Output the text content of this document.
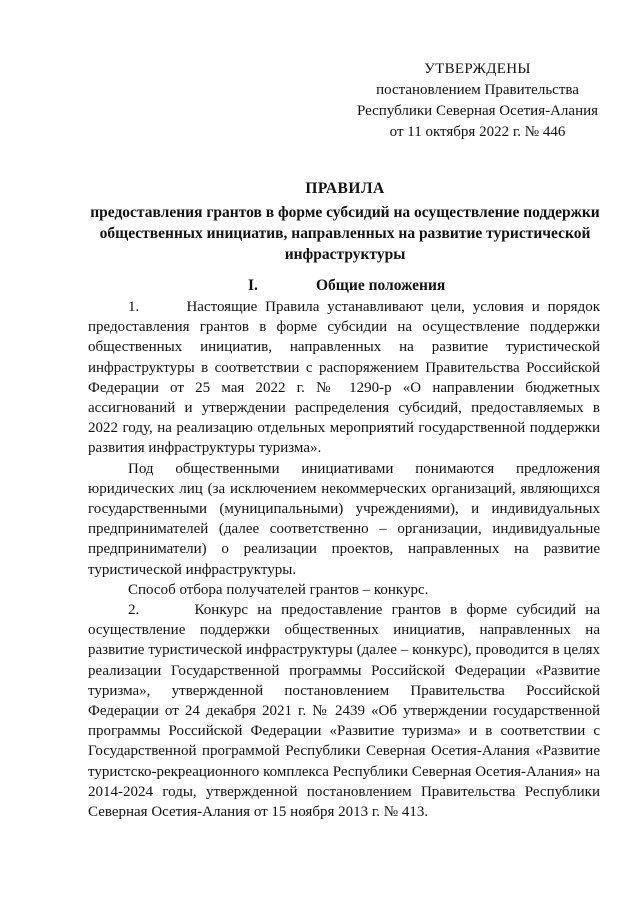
УТВЕРЖДЕНЫ
постановлением Правительства
Республики Северная Осетия-Алания
от 11 октября 2022 г. № 446
ПРАВИЛА
предоставления грантов в форме субсидий на осуществление поддержки общественных инициатив, направленных на развитие туристической инфраструктуры
I.	Общие положения

1.      Настоящие Правила устанавливают цели, условия и порядок предоставления грантов в форме субсидии на осуществление поддержки общественных инициатив, направленных на развитие туристической инфраструктуры в соответствии с распоряжением Правительства Российской Федерации от 25 мая 2022 г. № 1290-р «О направлении бюджетных ассигнований и утверждении распределения субсидий, предоставляемых в 2022 году, на реализацию отдельных мероприятий государственной поддержки развития инфраструктуры туризма».

Под общественными инициативами понимаются предложения юридических лиц (за исключением некоммерческих организаций, являющихся государственными (муниципальными) учреждениями), и индивидуальных предпринимателей (далее соответственно – организации, индивидуальные предприниматели) о реализации проектов, направленных на развитие туристической инфраструктуры.

Способ отбора получателей грантов – конкурс.

2.      Конкурс на предоставление грантов в форме субсидий на осуществление поддержки общественных инициатив, направленных на развитие туристической инфраструктуры (далее – конкурс), проводится в целях реализации Государственной программы Российской Федерации «Развитие туризма», утвержденной постановлением Правительства Российской Федерации от 24 декабря 2021 г. № 2439 «Об утверждении государственной программы Российской Федерации «Развитие туризма» и в соответствии с Государственной программой Республики Северная Осетия-Алания «Развитие туристско-рекреационного комплекса Республики Северная Осетия-Алания» на 2014-2024 годы, утвержденной постановлением Правительства Республики Северная Осетия-Алания от 15 ноября 2013 г. № 413.
